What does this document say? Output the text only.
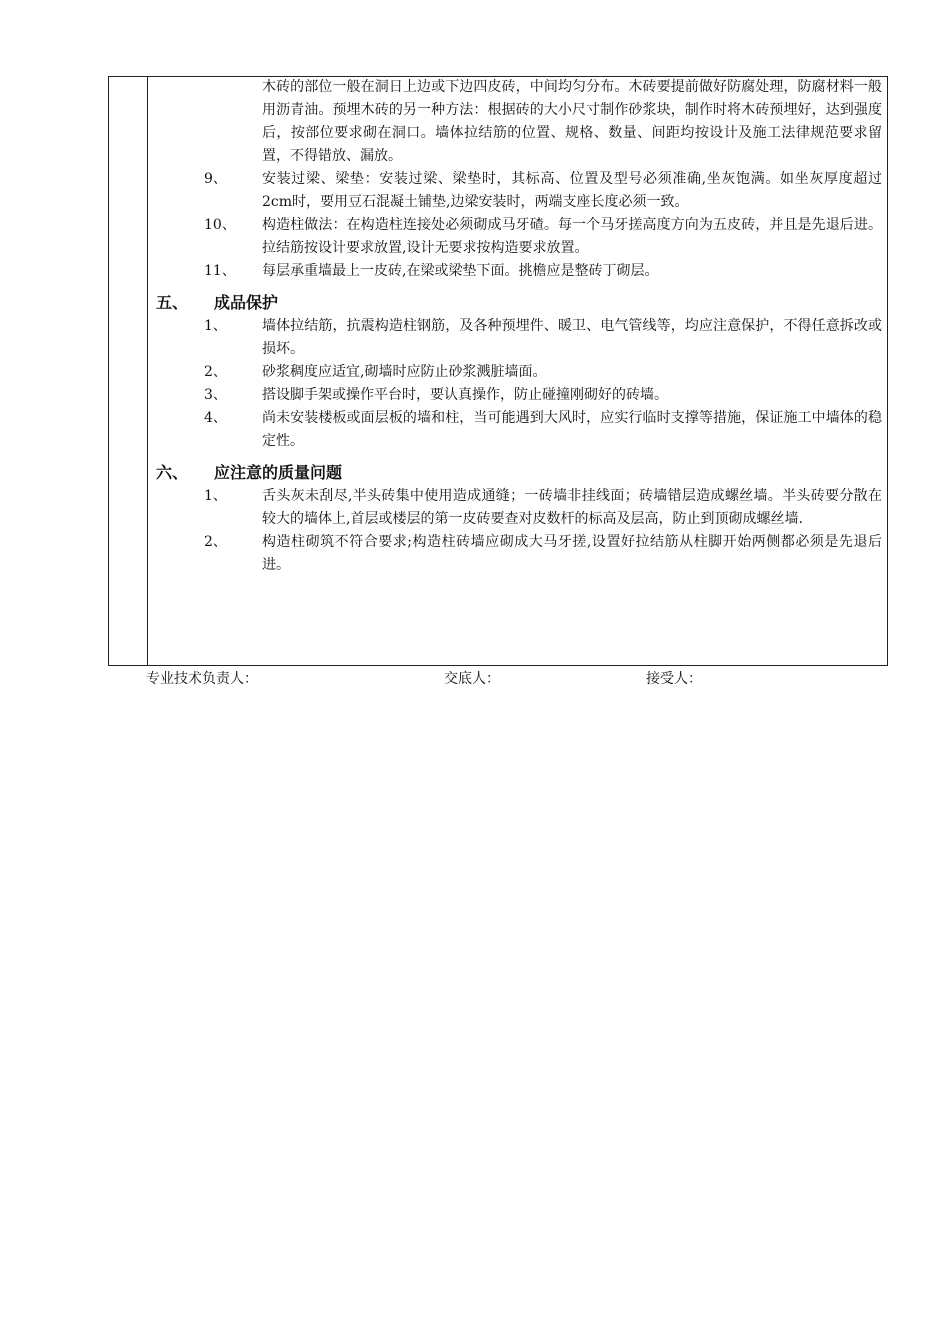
木砖的部位一般在洞日上边或下边四皮砖，中间均匀分布。木砖要提前做好防腐处理，防腐材料一般用沥青油。预埋木砖的另一种方法：根据砖的大小尺寸制作砂浆块，制作时将木砖预埋好，达到强度后，按部位要求砌在洞口。墙体拉结筋的位置、规格、数量、间距均按设计及施工法律规范要求留置，不得错放、漏放。
9、	安装过梁、梁垫：安装过梁、梁垫时，其标高、位置及型号必须准确,坐灰饱满。如坐灰厚度超过2cm时，要用豆石混凝土铺垫,边梁安装时，两端支座长度必须一致。
10、	构造柱做法：在构造柱连接处必须砌成马牙碴。每一个马牙搓高度方向为五皮砖，并且是先退后进。拉结筋按设计要求放置,设计无要求按构造要求放置。
11、	每层承重墙最上一皮砖,在梁或梁垫下面。挑檐应是整砖丁砌层。
五、	成品保护
1、	墙体拉结筋，抗震构造柱钢筋，及各种预埋件、暖卫、电气管线等，均应注意保护，不得任意拆改或损坏。
2、	砂浆稠度应适宜,砌墙时应防止砂浆溅脏墙面。
3、	搭设脚手架或操作平台时，要认真操作，防止碰撞刚砌好的砖墙。
4、	尚未安装楼板或面层板的墙和柱，当可能遇到大风时，应实行临时支撑等措施，保证施工中墙体的稳定性。
六、	应注意的质量问题
1、	舌头灰未刮尽,半头砖集中使用造成通缝；一砖墙非挂线面；砖墙错层造成螺丝墙。半头砖要分散在较大的墙体上,首层或楼层的第一皮砖要查对皮数杆的标高及层高，防止到顶砌成螺丝墙.
2、	构造柱砌筑不符合要求;构造柱砖墙应砌成大马牙搓,设置好拉结筋从柱脚开始两侧都必须是先退后进。
专业技术负责人：	交底人：	接受人：
